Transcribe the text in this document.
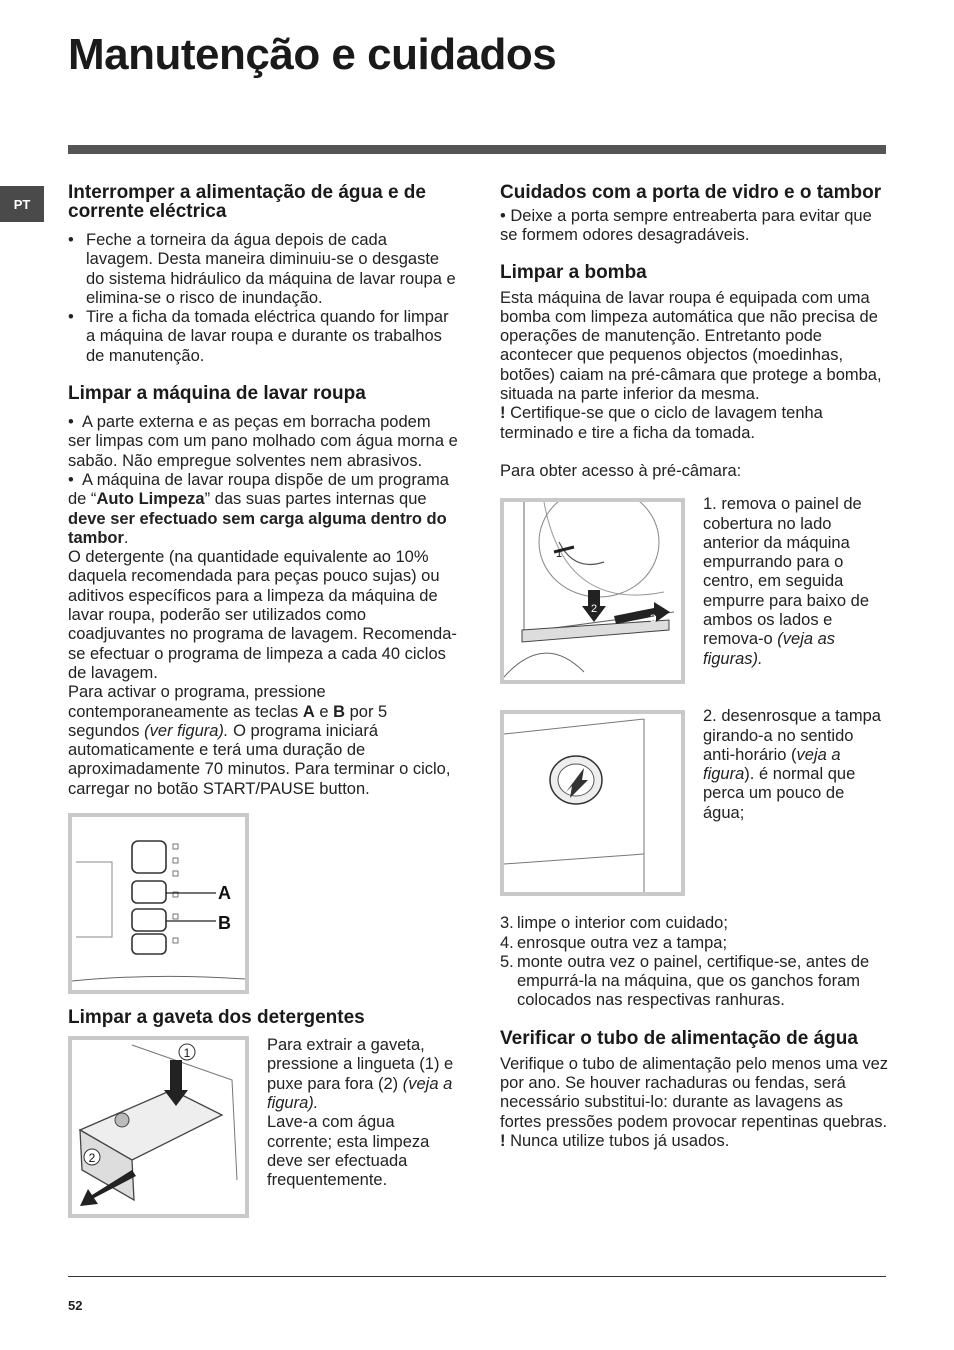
Manutenção e cuidados
PT
Interromper a alimentação de água e de corrente eléctrica
• Feche a torneira da água depois de cada lavagem. Desta maneira diminuiu-se o desgaste do sistema hidráulico da máquina de lavar roupa e elimina-se o risco de inundação.
• Tire a ficha da tomada eléctrica quando for limpar a máquina de lavar roupa e durante os trabalhos de manutenção.
Limpar a máquina de lavar roupa

•  A parte externa e as peças em borracha podem ser limpas com um pano molhado com água morna e sabão. Não empregue solventes nem abrasivos.

•  A máquina de lavar roupa dispõe de um programa de “Auto Limpeza” das suas partes internas que deve ser efectuado sem carga alguma dentro do tambor.

O detergente (na quantidade equivalente ao 10% daquela recomendada para peças pouco sujas) ou aditivos específicos para a limpeza da máquina de lavar roupa, poderão ser utilizados como coadjuvantes no programa de lavagem. Recomenda-se efectuar o programa de limpeza a cada 40 ciclos de lavagem.

Para activar o programa, pressione contemporaneamente as teclas A e B por 5 segundos (ver figura). O programa iniciará automaticamente e terá uma duração de aproximadamente 70 minutos. Para terminar o ciclo, carregar no botão START/PAUSE button.

A
B
Limpar a gaveta dos detergentes
1
2

Para extrair a gaveta, pressione a lingueta (1) e puxe para fora (2) (veja a figura).

Lave-a com água corrente; esta limpeza deve ser efectuada frequentemente.

Cuidados com a porta de vidro e o tambor

• Deixe a porta sempre entreaberta para evitar que se formem odores desagradáveis.

Limpar a bomba

Esta máquina de lavar roupa é equipada com uma bomba com limpeza automática que não precisa de operações de manutenção. Entretanto pode acontecer que pequenos objectos (moedinhas, botões) caiam na pré-câmara que protege a bomba, situada na parte inferior da mesma.

! Certifique-se que o ciclo de lavagem tenha terminado e tire a ficha da tomada.

Para obter acesso à pré-câmara:

2
3
1

1. remova o painel de cobertura no lado anterior da máquina empurrando para o centro, em seguida empurre para baixo de ambos os lados e remova-o (veja as figuras).

2. desenrosque a tampa girando-a no sentido anti-horário (veja a figura). é normal que perca um pouco de água;

3. limpe o interior com cuidado;
4. enrosque outra vez a tampa;
5. monte outra vez o painel, certifique-se, antes de empurrá-la na máquina, que os ganchos foram colocados nas respectivas ranhuras.
Verificar o tubo de alimentação de água

Verifique o tubo de alimentação pelo menos uma vez por ano. Se houver rachaduras ou fendas, será necessário substitui-lo: durante as lavagens as fortes pressões podem provocar repentinas quebras.

! Nunca utilize tubos já usados.

52
